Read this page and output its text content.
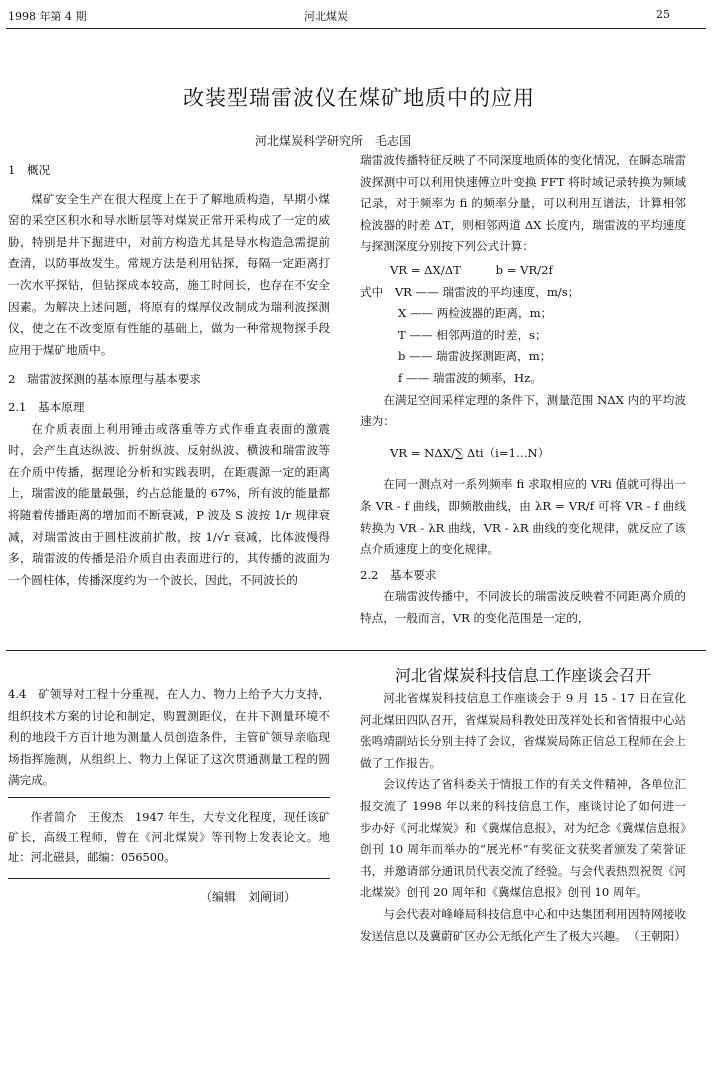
1998 年第 4 期	河北煤炭	25
改装型瑞雷波仪在煤矿地质中的应用
河北煤炭科学研究所　毛志国
1　概况

煤矿安全生产在很大程度上在于了解地质构造，早期小煤窑的采空区积水和导水断层等对煤炭正常开采构成了一定的威胁，特别是井下掘进中，对前方构造尤其是导水构造急需提前查清，以防事故发生。常规方法是利用钻探，每隔一定距离打一次水平探钻，但钻探成本较高，施工时间长，也存在不安全因素。为解决上述问题，将原有的煤厚仪改制成为瑞利波探测仪，使之在不改变原有性能的基础上，做为一种常规物探手段应用于煤矿地质中。

2　瑞雷波探测的基本原理与基本要求
2.1　基本原理

在介质表面上利用锤击或落重等方式作垂直表面的激震时，会产生直达纵波、折射纵波、反射纵波、横波和瑞雷波等在介质中传播，据理论分析和实践表明，在距震源一定的距离上，瑞雷波的能量最强，约占总能量的 67%，所有波的能量都将随着传播距离的增加而不断衰减，P 波及 S 波按 1/r 规律衰减，对瑞雷波由于圆柱波前扩散，按 1/√r 衰减，比体波慢得多，瑞雷波的传播是沿介质自由表面进行的，其传播的波面为一个圆柱体，传播深度约为一个波长，因此，不同波长的

瑞雷波传播特征反映了不同深度地质体的变化情况，在瞬态瑞雷波探测中可以利用快速傅立叶变换 FFT 将时域记录转换为频域记录，对于频率为 fi 的频率分量，可以利用互谱法，计算相邻检波器的时差 ΔT，则相邻两道 ΔX 长度内，瑞雷波的平均速度与探测深度分别按下列公式计算：

VR = ΔX/ΔT　　　b = VR/2f
式中　 VR —— 瑞雷波的平均速度，m/s；
X —— 两检波器的距离，m；
T —— 相邻两道的时差，s；
b —— 瑞雷波探测距离，m；
f —— 瑞雷波的频率，Hz。

在满足空间采样定理的条件下，测量范围 NΔX 内的平均波速为：

VR = NΔX/∑ Δti（i=1…N）

在同一测点对一系列频率 fi 求取相应的 VRi 值就可得出一条 VR - f 曲线，即频散曲线，由 λR = VR/f 可将 VR - f 曲线转换为 VR - λR 曲线，VR - λR 曲线的变化规律，就反应了该点介质速度上的变化规律。

2.2　基本要求

在瑞雷波传播中，不同波长的瑞雷波反映着不同距离介质的特点，一般而言，VR 的变化范围是一定的，

4.4　矿领导对工程十分重视，在人力、物力上给予大力支持，组织技术方案的讨论和制定，购置测距仪，在井下测量环境不利的地段千方百计地为测量人员创造条件，主管矿领导亲临现场指挥施测，从组织上、物力上保证了这次贯通测量工程的圆满完成。

作者简介　王俊杰　1947 年生，大专文化程度，现任该矿矿长，高级工程师，曾在《河北煤炭》等刊物上发表论文。地址：河北磁县，邮编：056500。

（编辑　刘阐词）
河北省煤炭科技信息工作座谈会召开

河北省煤炭科技信息工作座谈会于 9 月 15 - 17 日在宣化河北煤田四队召开，省煤炭局科教处田茂祥处长和省情报中心站张鸣靖副站长分别主持了会议，省煤炭局陈正信总工程师在会上做了工作报告。

会议传达了省科委关于情报工作的有关文件精神，各单位汇报交流了 1998 年以来的科技信息工作，座谈讨论了如何进一步办好《河北煤炭》和《冀煤信息报》，对为纪念《冀煤信息报》创刊 10 周年而举办的“展光杯”有奖征文获奖者颁发了荣誉证书，并邀请部分通讯员代表交流了经验。与会代表热烈祝贺《河北煤炭》创刊 20 周年和《冀煤信息报》创刊 10 周年。

与会代表对峰峰局科技信息中心和中达集团利用因特网接收发送信息以及冀蔚矿区办公无纸化产生了极大兴趣。 （王朝阳）
